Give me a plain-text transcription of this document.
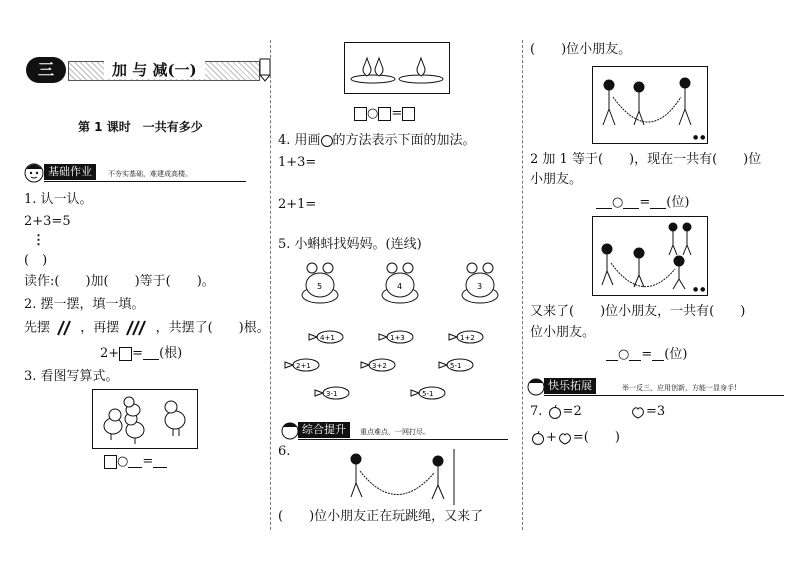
三	加 与 减(一)
第 1 课时　一共有多少
基础作业	不夯实基础，难建成高楼。
1. 认一认。
2+3=5
⋮
(　)
读作:(　　)加(　　)等于(　　)。
2. 摆一摆，填一填。
先摆 ，再摆	，共摆了(　　)根。
2+ = (根)
3. 看图写算式。
○ =
○ =
4. 用画 的方法表示下面的加法。
1+3=
2+1=
5. 小蝌蚪找妈妈。(连线)
5	4	3
4+1	1+3	1+2
2+1	3+2	5-1
3-1	5-1
综合提升	重点难点，一网打尽。
6.
(　　)位小朋友正在玩跳绳，又来了
(　　)位小朋友。
● ●
2 加 1 等于(　　)，现在一共有(　　)位
小朋友。
○ = (位)
● ●
又来了(　　)位小朋友，一共有(　　)
位小朋友。
○ = (位)
快乐拓展	举一反三，应用创新，方能一显身手!
7. =2	=3
+ =(　　)
